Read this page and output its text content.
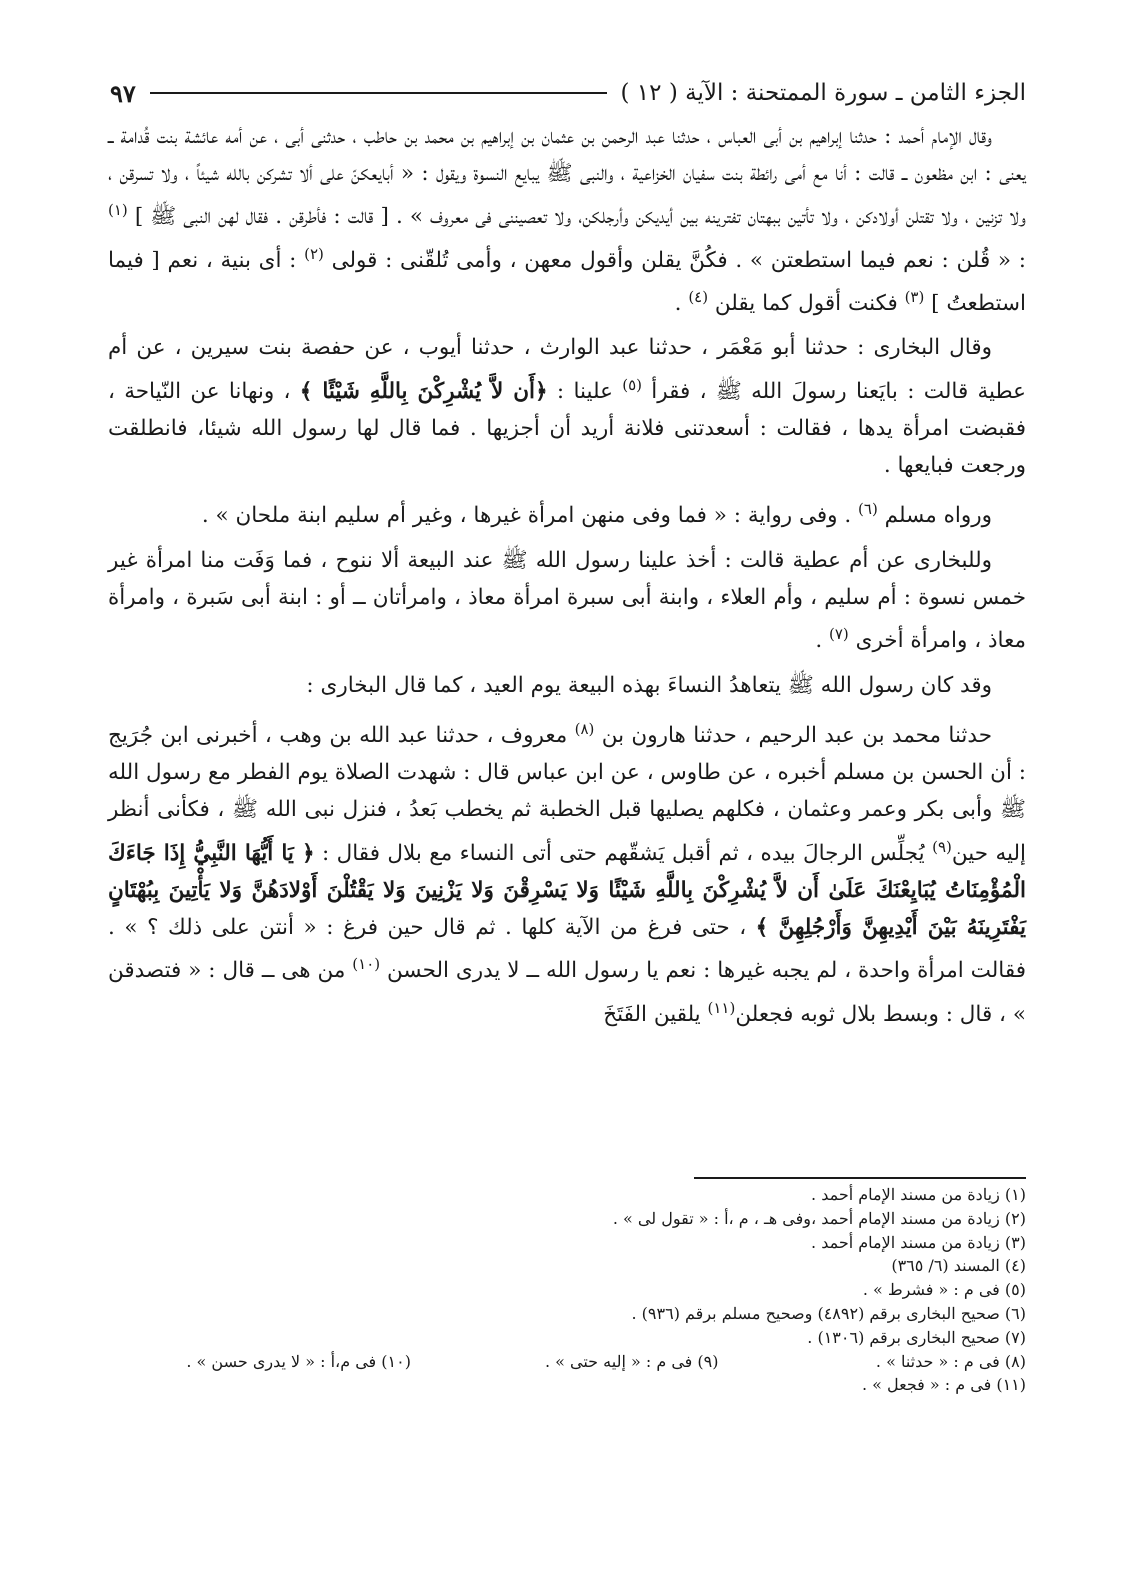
الجزء الثامن ـ سورة الممتحنة : الآية ( ١٢ )
٩٧

وقال الإمام أحمد : حدثنا إبراهيم بن أبى العباس ، حدثنا عبد الرحمن بن عثمان بن إبراهيم بن محمد بن حاطب ، حدثنى أبى ، عن أمه عائشة بنت قُدامة ــ يعنى : ابن مظعون ــ قالت : أنا مع أمى رائطة بنت سفيان الخزاعية ، والنبى ﷺ يبايع النسوة ويقول : « أبايعكنّ على ألا تشركن بالله شيئاً ، ولا تسرقن ، ولا تزنين ، ولا تقتلن أولادكن ، ولا تأتين ببهتان تفترينه بين أيديكن وأرجلكن، ولا تعصيننى فى معروف » . [ قالت : فأطرقن . فقال لهن النبى ﷺ ] $^{(١)}$ : « قُلن : نعم فيما استطعتن » . فكُنَّ يقلن وأقول معهن ، وأمى تُلقّنى : قولى $^{(٢)}$ : أى بنية ، نعم [ فيما استطعتُ ] $^{(٣)}$ فكنت أقول كما يقلن $^{(٤)}$ .

وقال البخارى : حدثنا أبو مَعْمَر ، حدثنا عبد الوارث ، حدثنا أيوب ، عن حفصة بنت سيرين ، عن أم عطية قالت : بايَعنا رسولَ الله ﷺ ، فقرأ $^{(٥)}$ علينا : ﴿أَن لاَّ يُشْرِكْنَ بِاللَّهِ شَيْئًا ﴾ ، ونهانا عن النّياحة ، فقبضت امرأة يدها ، فقالت : أسعدتنى فلانة أريد أن أجزيها . فما قال لها رسول الله شيئا، فانطلقت ورجعت فبايعها .

ورواه مسلم $^{(٦)}$ . وفى رواية : « فما وفى منهن امرأة غيرها ، وغير أم سليم ابنة ملحان » .

وللبخارى عن أم عطية قالت : أخذ علينا رسول الله ﷺ عند البيعة ألا ننوح ، فما وَفَت منا امرأة غير خمس نسوة : أم سليم ، وأم العلاء ، وابنة أبى سبرة امرأة معاذ ، وامرأتان ــ أو : ابنة أبى سَبرة ، وامرأة معاذ ، وامرأة أخرى $^{(٧)}$ .

وقد كان رسول الله ﷺ يتعاهدُ النساءَ بهذه البيعة يوم العيد ، كما قال البخارى :

حدثنا محمد بن عبد الرحيم ، حدثنا هارون بن $^{(٨)}$ معروف ، حدثنا عبد الله بن وهب ، أخبرنى ابن جُرَيج : أن الحسن بن مسلم أخبره ، عن طاوس ، عن ابن عباس قال : شهدت الصلاة يوم الفطر مع رسول الله ﷺ وأبى بكر وعمر وعثمان ، فكلهم يصليها قبل الخطبة ثم يخطب بَعدُ ، فنزل نبى الله ﷺ ، فكأنى أنظر إليه حين$^{(٩)}$ يُجلِّس الرجالَ بيده ، ثم أقبل يَشقّهم حتى أتى النساء مع بلال فقال : ﴿ يَا أَيُّهَا النَّبِيُّ إِذَا جَاءَكَ الْمُؤْمِنَاتُ يُبَايِعْنَكَ عَلَىٰ أَن لاَّ يُشْرِكْنَ بِاللَّهِ شَيْئًا وَلا يَسْرِقْنَ وَلا يَزْنِينَ وَلا يَقْتُلْنَ أَوْلادَهُنَّ وَلا يَأْتِينَ بِبُهْتَانٍ يَفْتَرِينَهُ بَيْنَ أَيْدِيهِنَّ وَأَرْجُلِهِنَّ ﴾ ، حتى فرغ من الآية كلها . ثم قال حين فرغ : « أنتن على ذلك ؟ » . فقالت امرأة واحدة ، لم يجبه غيرها : نعم يا رسول الله ــ لا يدرى الحسن $^{(١٠)}$ من هى ــ قال : « فتصدقن » ، قال : وبسط بلال ثوبه فجعلن$^{(١١)}$ يلقين الفَتَخَ

(١) زيادة من مسند الإمام أحمد .

(٢) زيادة من مسند الإمام أحمد ،وفى هـ ، م ،أ : « تقول لى » .

(٣) زيادة من مسند الإمام أحمد .

(٤) المسند (٦/ ٣٦٥)

(٥) فى م : « فشرط » .

(٦) صحيح البخارى برقم (٤٨٩٢) وصحيح مسلم برقم (٩٣٦) .

(٧) صحيح البخارى برقم (١٣٠٦) .

(٨) فى م : « حدثنا » .

(٩) فى م : « إليه حتى » .

(١٠) فى م،أ : « لا يدرى حسن » .

(١١) فى م : « فجعل » .
